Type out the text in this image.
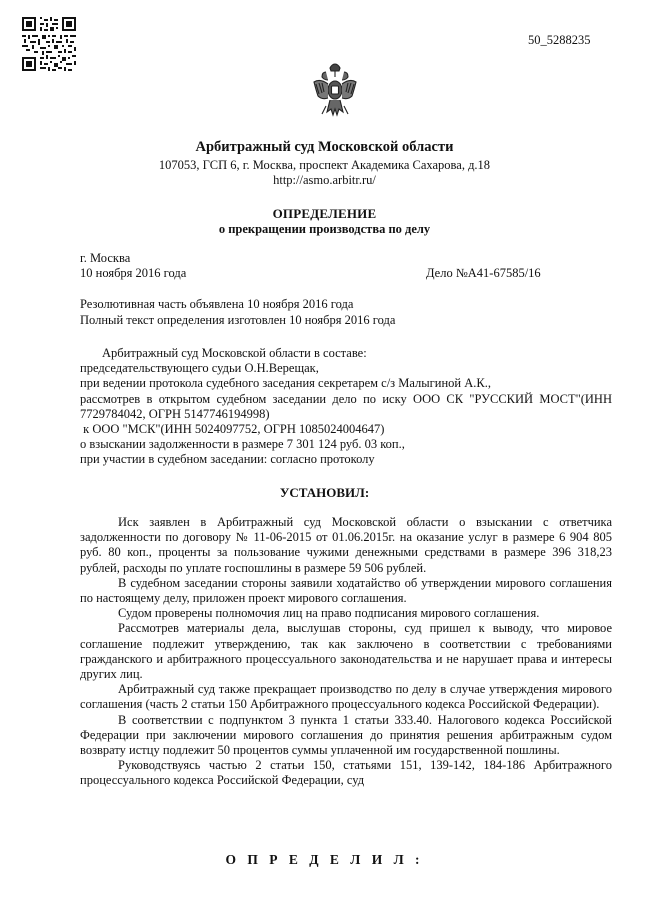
50_5288235
Арбитражный суд Московской области
107053, ГСП 6, г. Москва, проспект Академика Сахарова, д.18
http://asmo.arbitr.ru/
ОПРЕДЕЛЕНИЕ
о прекращении производства по делу
г. Москва
10 ноября 2016 года	Дело №А41-67585/16
Резолютивная часть объявлена 10 ноября 2016 года
Полный текст определения изготовлен 10 ноября 2016 года

Арбитражный суд Московской области в составе:

председательствующего судьи О.Н.Верещак,

при ведении протокола судебного заседания секретарем с/з Малыгиной А.К.,

рассмотрев в открытом судебном заседании дело по иску ООО СК "РУССКИЙ МОСТ"(ИНН 7729784042, ОГРН 5147746194998)

к ООО "МСК"(ИНН 5024097752, ОГРН 1085024004647)

о взыскании задолженности в размере 7 301 124 руб. 03 коп.,

при участии в судебном заседании: согласно протоколу

УСТАНОВИЛ:

Иск заявлен в Арбитражный суд Московской области о взыскании с ответчика задолженности по договору № 11-06-2015 от 01.06.2015г. на оказание услуг в размере 6 904 805 руб. 80 коп., проценты за пользование чужими денежными средствами в размере 396 318,23 рублей, расходы по уплате госпошлины в размере 59 506 рублей.

В судебном заседании стороны заявили ходатайство об утверждении мирового соглашения по настоящему делу, приложен проект мирового соглашения.

Судом проверены полномочия лиц на право подписания мирового соглашения.

Рассмотрев материалы дела, выслушав стороны, суд пришел к выводу, что мировое соглашение подлежит утверждению, так как заключено в соответствии с требованиями гражданского и арбитражного процессуального законодательства и не нарушает права и интересы других лиц.

Арбитражный суд также прекращает производство по делу в случае утверждения мирового соглашения (часть 2 статьи 150 Арбитражного процессуального кодекса Российской Федерации).

В соответствии с подпунктом 3 пункта 1 статьи 333.40. Налогового кодекса Российской Федерации при заключении мирового соглашения до принятия решения арбитражным судом возврату истцу подлежит 50 процентов суммы уплаченной им государственной пошлины.

Руководствуясь частью 2 статьи 150, статьями 151, 139-142, 184-186 Арбитражного процессуального кодекса Российской Федерации, суд

О П Р Е Д Е Л И Л :
